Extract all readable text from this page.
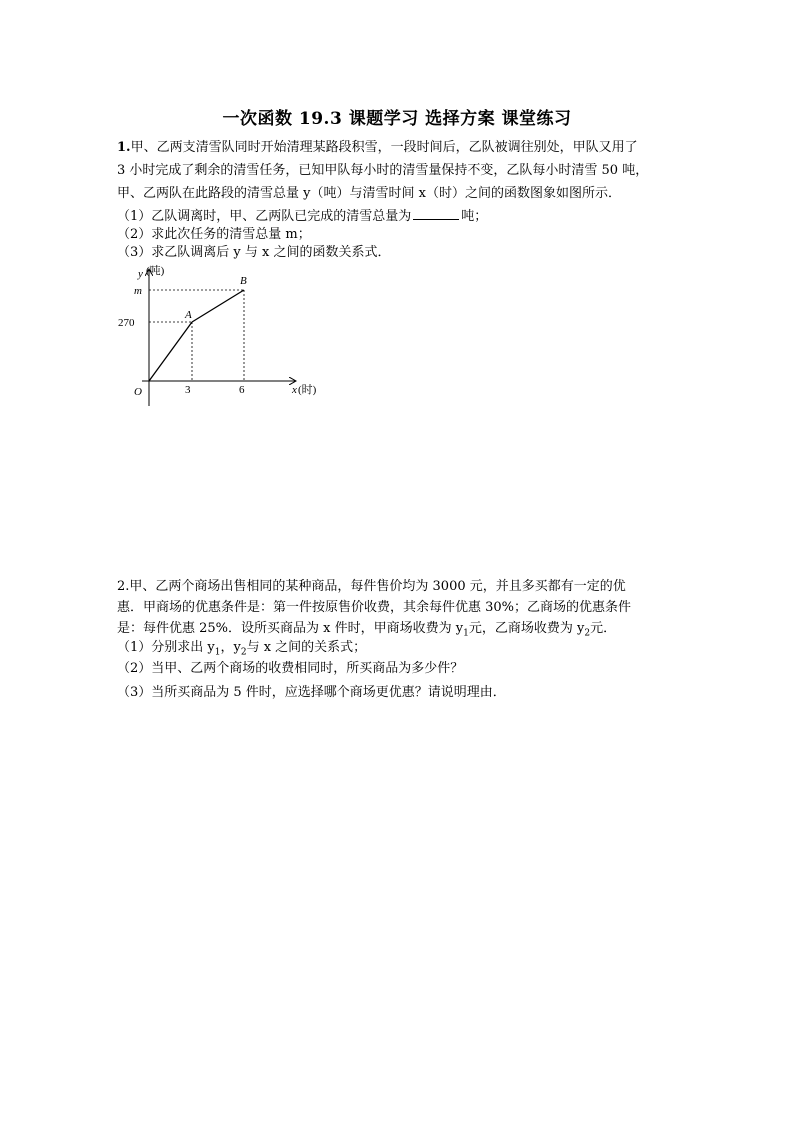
一次函数 19.3 课题学习 选择方案 课堂练习
1.甲、乙两支清雪队同时开始清理某路段积雪，一段时间后，乙队被调往别处，甲队又用了
3 小时完成了剩余的清雪任务，已知甲队每小时的清雪量保持不变，乙队每小时清雪 50 吨，
甲、乙两队在此路段的清雪总量 y（吨）与清雪时间 x（时）之间的函数图象如图所示．
（1）乙队调离时，甲、乙两队已完成的清雪总量为	吨；
（2）求此次任务的清雪总量 m；
（3）求乙队调离后 y 与 x 之间的函数关系式．
y (吨)
m
270
A
B
O	3	6	x (时)
2.甲、乙两个商场出售相同的某种商品，每件售价均为 3000 元，并且多买都有一定的优
惠．甲商场的优惠条件是：第一件按原售价收费，其余每件优惠 30%；乙商场的优惠条件
是：每件优惠 25%．设所买商品为 x 件时，甲商场收费为 $y_1$元，乙商场收费为 $y_2$元．
（1）分别求出 $y_1$，$y_2$与 x 之间的关系式；
（2）当甲、乙两个商场的收费相同时，所买商品为多少件？
（3）当所买商品为 5 件时，应选择哪个商场更优惠？请说明理由．
